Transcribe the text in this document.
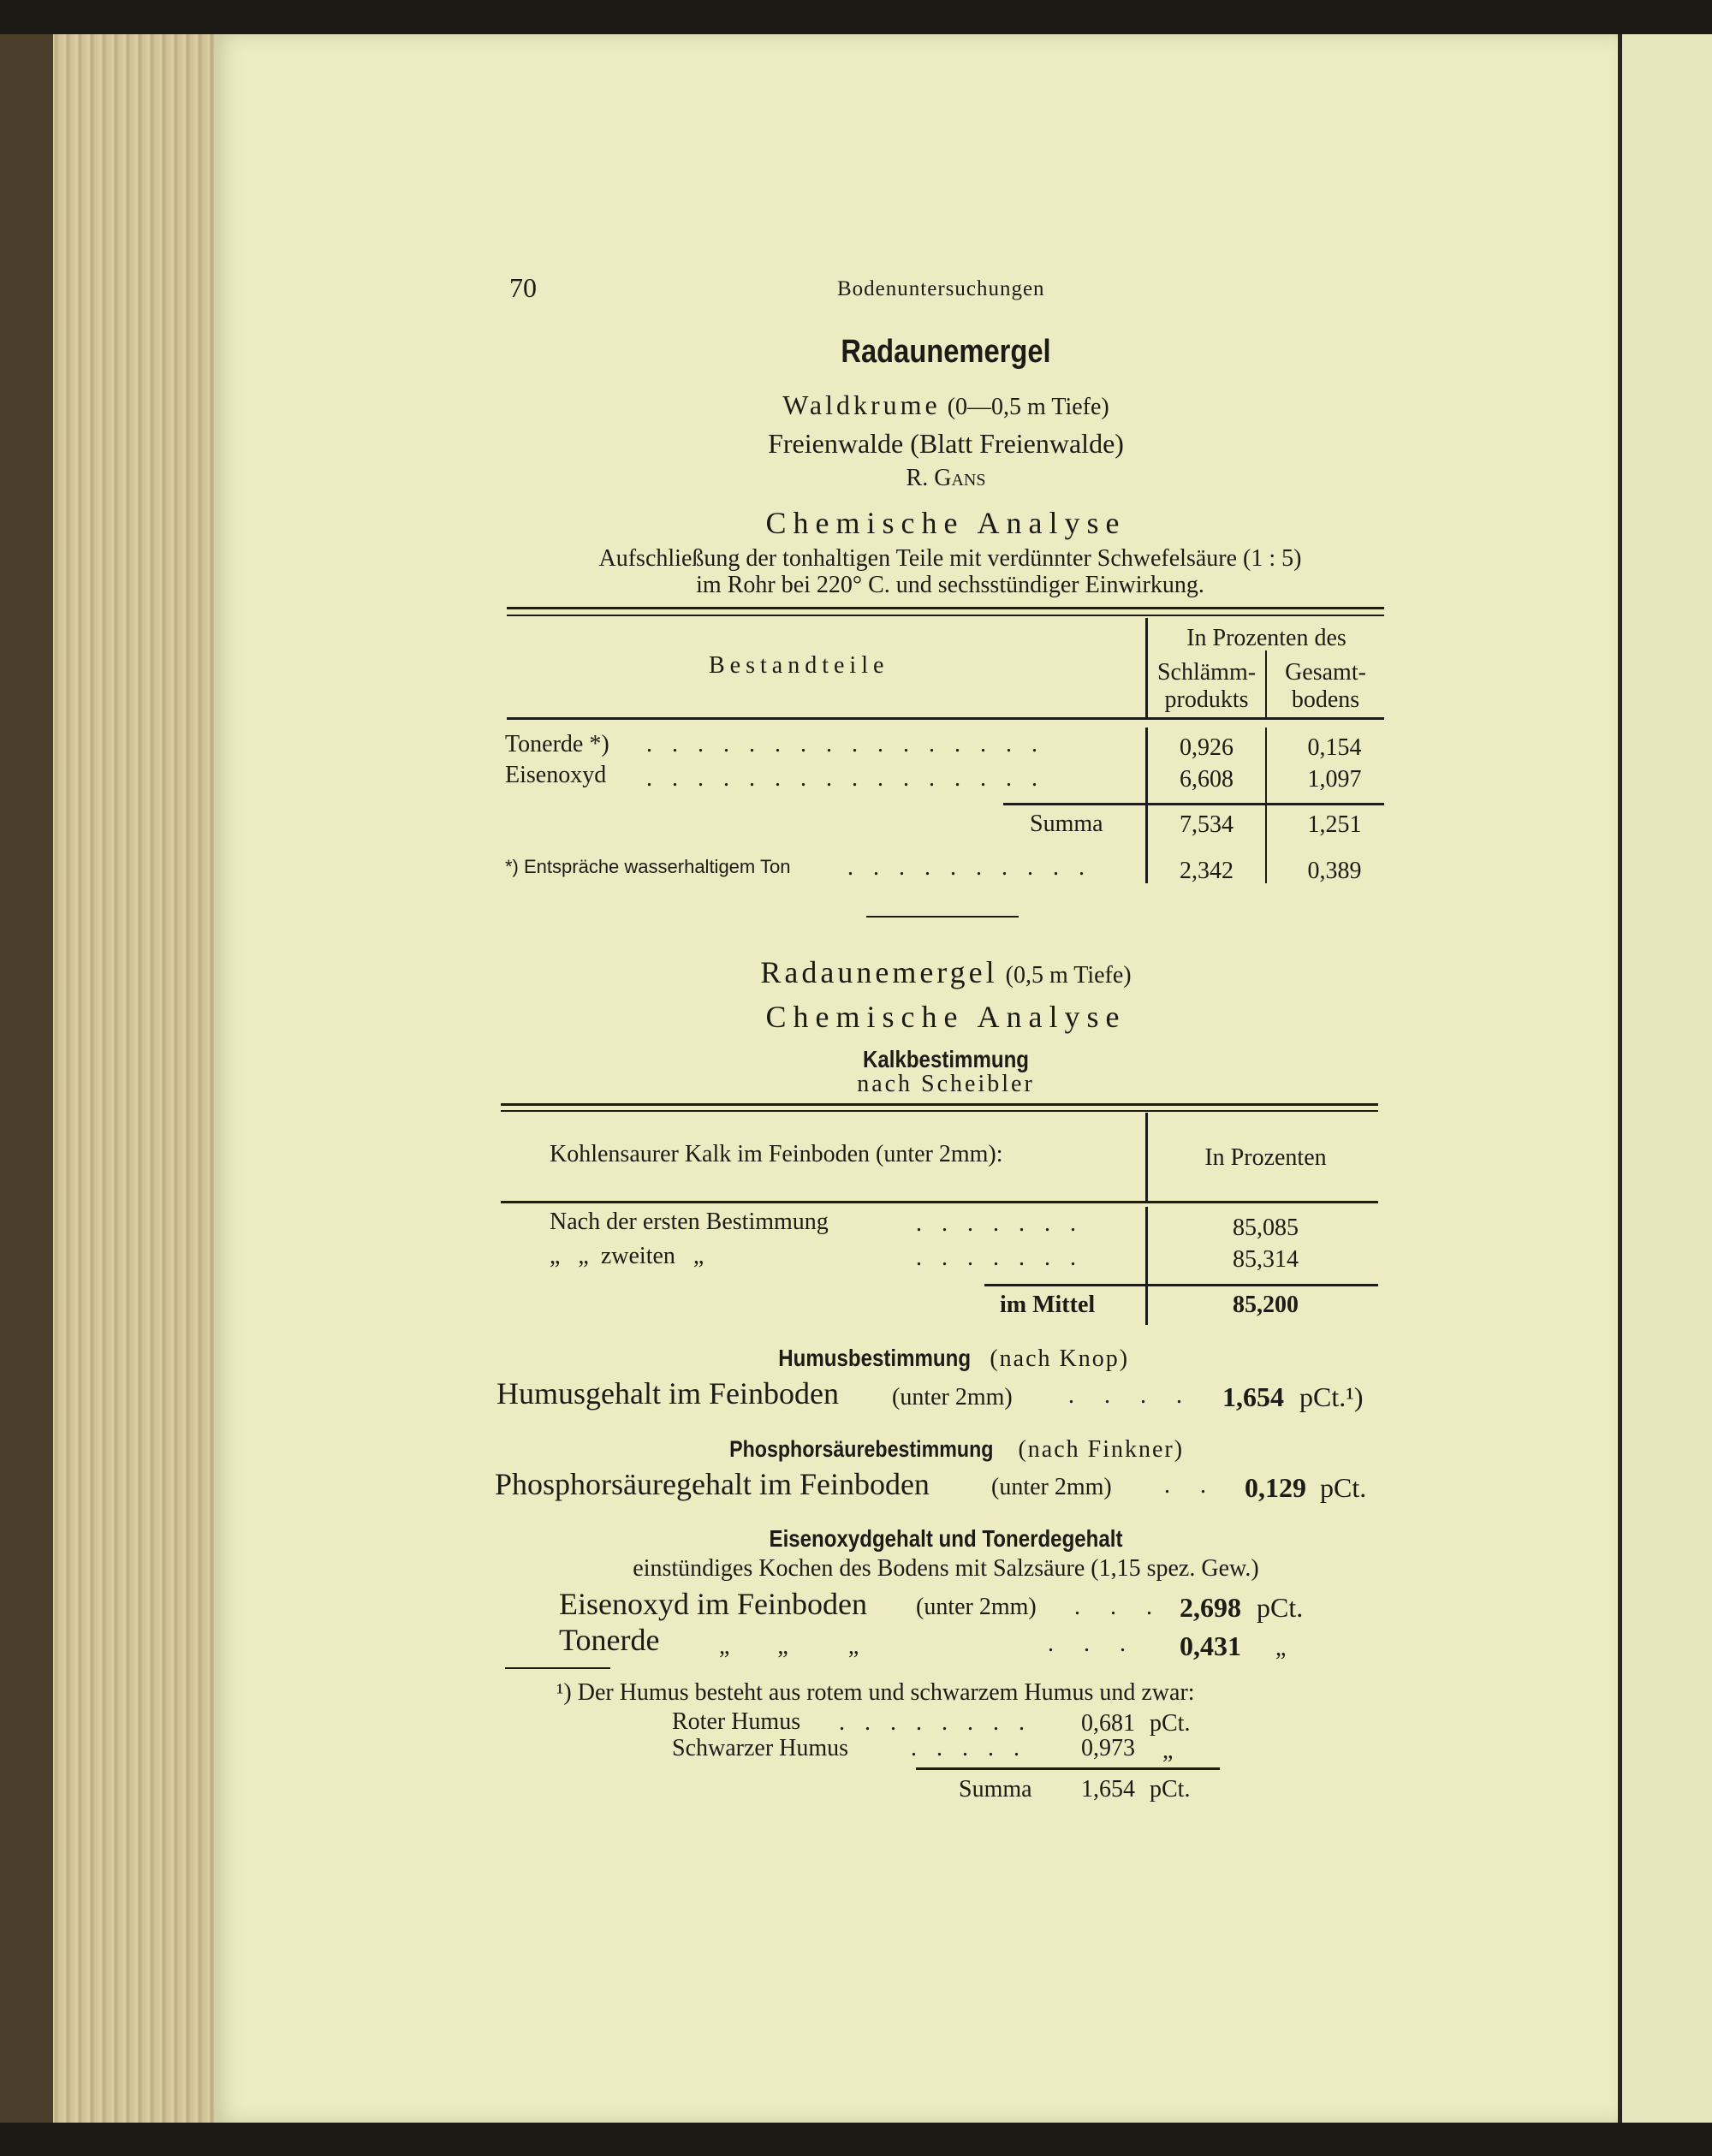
70	Bodenuntersuchungen
Radaunemergel
Waldkrume (0—0,5 m Tiefe)
Freienwalde (Blatt Freienwalde)
R. Gans
Chemische Analyse
Aufschließung der tonhaltigen Teile mit verdünnter Schwefelsäure (1 : 5)
im Rohr bei 220° C. und sechsstündiger Einwirkung.
Bestandteile
In Prozenten des
Schlämm-
produkts
Gesamt-
bodens
Tonerde *) . . . . . . . . . . . . . . . .	0,926	0,154
Eisenoxyd . . . . . . . . . . . . . . . .	6,608	1,097
Summa	7,534	1,251
*) Entspräche wasserhaltigem Ton . . . . . . . . . .	2,342	0,389
Radaunemergel (0,5 m Tiefe)
Chemische Analyse
Kalkbestimmung
nach Scheibler
Kohlensaurer Kalk im Feinboden (unter 2mm):	In Prozenten
Nach der ersten Bestimmung	. . . . . . .	85,085
„   „  zweiten   „	. . . . . . .	85,314
im Mittel	85,200
Humusbestimmung (nach Knop)
Humusgehalt im Feinboden (unter 2mm) . . . . 1,654 pCt.¹)
Phosphorsäurebestimmung (nach Finkner)
Phosphorsäuregehalt im Feinboden	(unter 2mm) . . 0,129 pCt.
Eisenoxydgehalt und Tonerdegehalt
einstündiges Kochen des Bodens mit Salzsäure (1,15 spez. Gew.)
Eisenoxyd im Feinboden (unter 2mm) . . . 2,698 pCt.
Tonerde „        „          „	. . . 0,431 „
¹) Der Humus besteht aus rotem und schwarzem Humus und zwar:
Roter Humus . . . . . . . . 0,681 pCt.
Schwarzer Humus	. . . . . 0,973 „
Summa 1,654 pCt.
